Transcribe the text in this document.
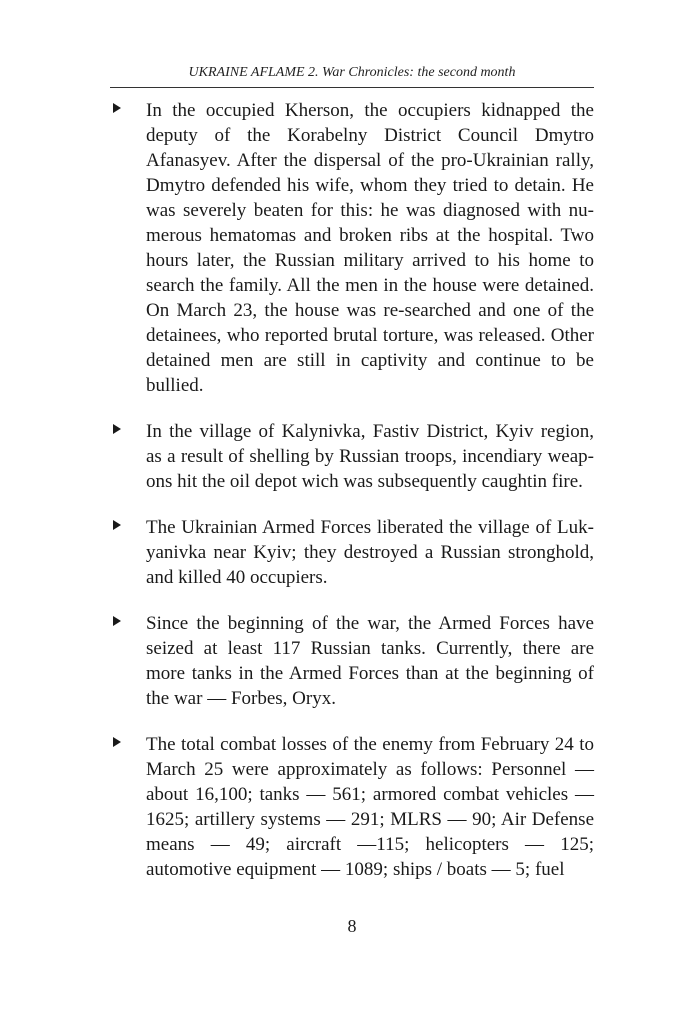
UKRAINE AFLAME 2. War Chronicles: the second month
In the occupied Kherson, the occupiers kidnapped the deputy of the Korabelny District Council Dmytro Afanasyev. After the dispersal of the pro-Ukrainian rally, Dmytro defended his wife, whom they tried to detain. He was severely beaten for this: he was diagnosed with numerous hematomas and broken ribs at the hospital. Two hours later, the Russian military arrived to his home to search the family. All the men in the house were detained. On March 23, the house was re-searched and one of the detainees, who reported brutal torture, was released. Other detained men are still in captivity and continue to be bullied.
In the village of Kalynivka, Fastiv District, Kyiv region, as a result of shelling by Russian troops, incendiary weapons hit the oil depot wich was subsequently caughtin fire.
The Ukrainian Armed Forces liberated the village of Lukyanivka near Kyiv; they destroyed a Russian stronghold, and killed 40 occupiers.
Since the beginning of the war, the Armed Forces have seized at least 117 Russian tanks. Currently, there are more tanks in the Armed Forces than at the beginning of the war — Forbes, Oryx.
The total combat losses of the enemy from February 24 to March 25 were approximately as follows: Personnel — about 16,100; tanks — 561; armored combat vehicles —1625; artillery systems — 291; MLRS — 90; Air Defense means — 49; aircraft —115; helicopters — 125; automotive equipment — 1089; ships / boats — 5; fuel
8
